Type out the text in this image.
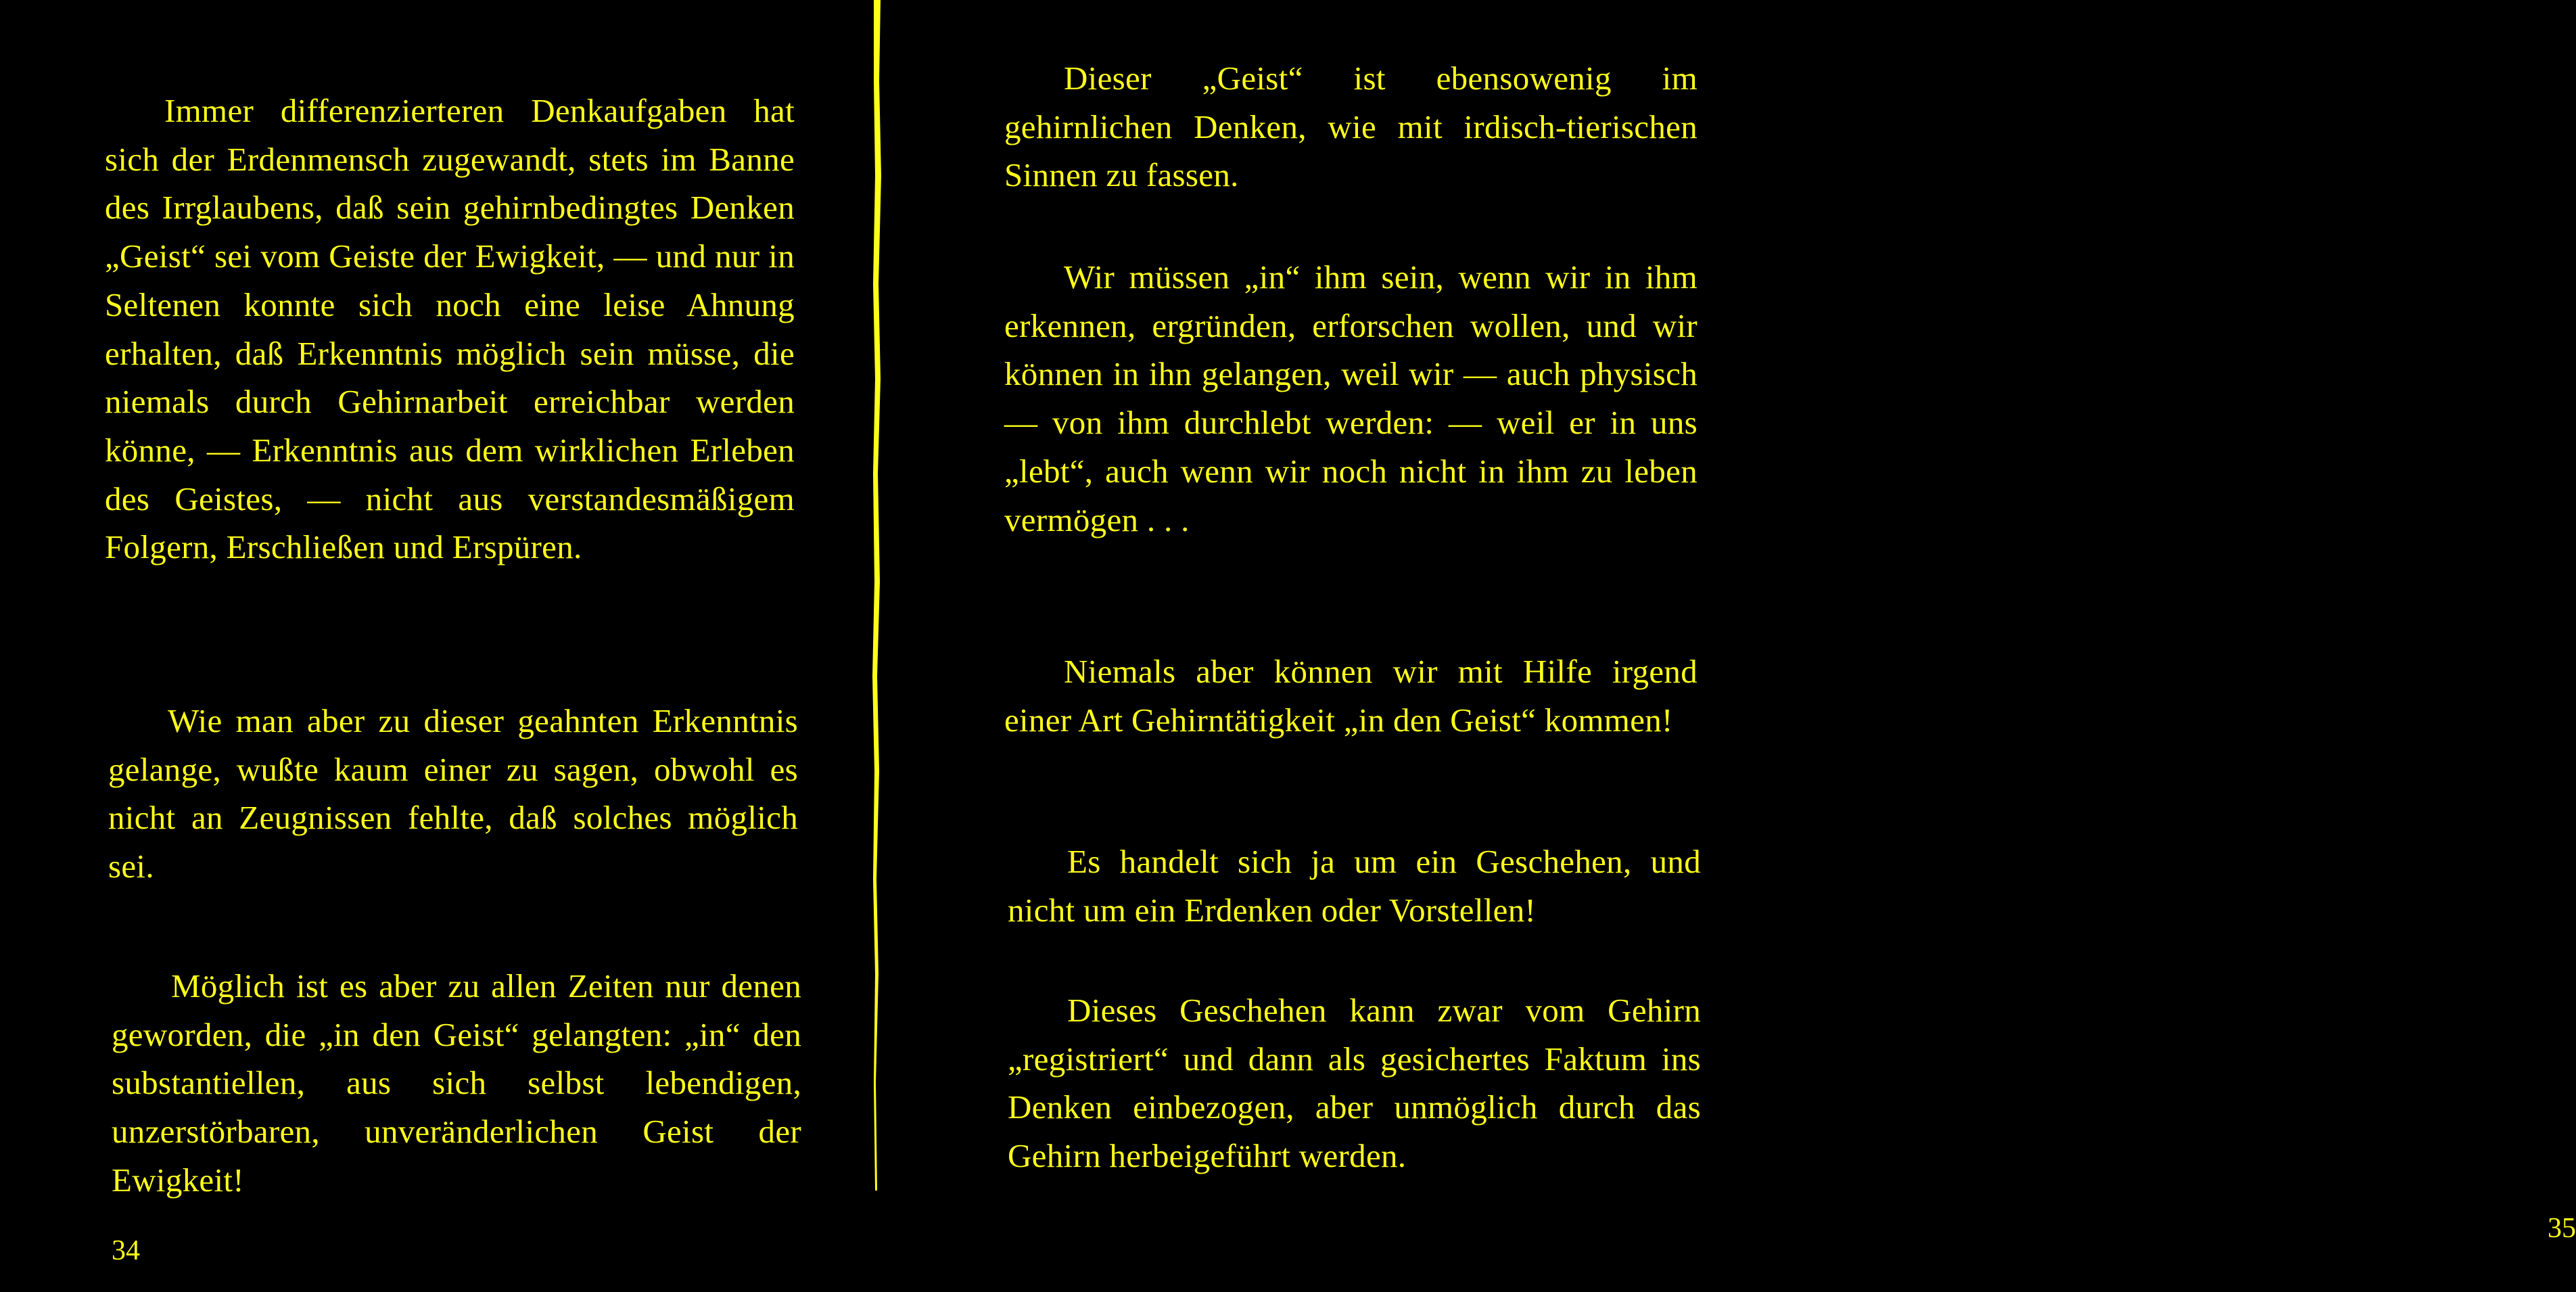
Immer differenzierteren Denkaufgaben hat sich der Erdenmensch zugewandt, stets im Banne des Irrglaubens, daß sein gehirnbedingtes Denken „Geist“ sei vom Geiste der Ewigkeit, — und nur in Seltenen konnte sich noch eine leise Ahnung erhalten, daß Erkenntnis möglich sein müsse, die niemals durch Gehirnarbeit erreichbar werden könne, — Erkenntnis aus dem wirklichen Erleben des Geistes, — nicht aus verstandesmäßigem Folgern, Erschließen und Erspüren.

Wie man aber zu dieser geahnten Erkenntnis gelange, wußte kaum einer zu sagen, obwohl es nicht an Zeugnissen fehlte, daß solches möglich sei.

Möglich ist es aber zu allen Zeiten nur denen geworden, die „in den Geist“ gelangten: „in“ den substantiellen, aus sich selbst lebendigen, unzerstörbaren, unveränderlichen Geist der Ewigkeit!

34

Dieser „Geist“ ist ebensowenig im gehirnlichen Denken, wie mit irdisch-tierischen Sinnen zu fassen.

Wir müssen „in“ ihm sein, wenn wir in ihm erkennen, ergründen, erforschen wollen, und wir können in ihn gelangen, weil wir — auch physisch — von ihm durchlebt werden: — weil er in uns „lebt“, auch wenn wir noch nicht in ihm zu leben vermögen . . .

Niemals aber können wir mit Hilfe irgend einer Art Gehirntätigkeit „in den Geist“ kommen!

Es handelt sich ja um ein Geschehen, und nicht um ein Erdenken oder Vorstellen!

Dieses Geschehen kann zwar vom Gehirn „registriert“ und dann als gesichertes Faktum ins Denken einbezogen, aber unmöglich durch das Gehirn herbeigeführt werden.

35
